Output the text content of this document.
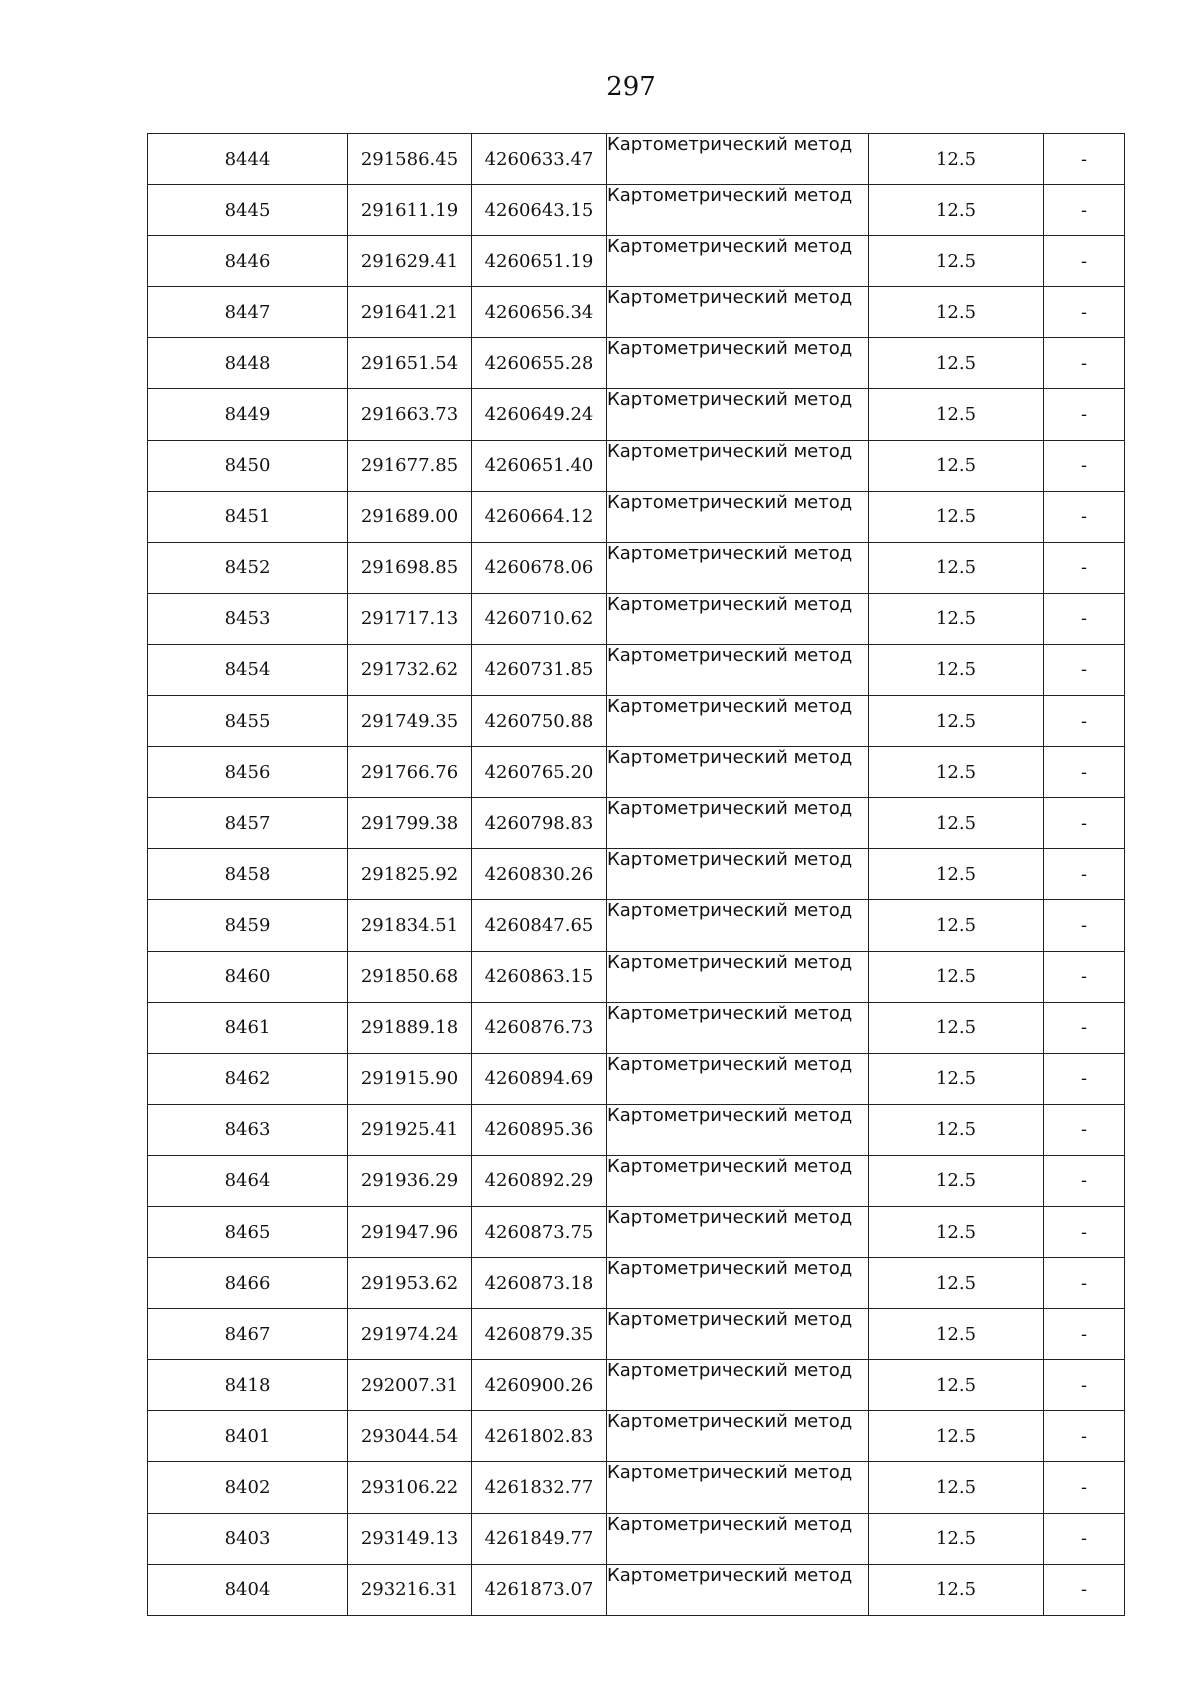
297
8444	291586.45	4260633.47	Картометрический метод	12.5	-
8445	291611.19	4260643.15	Картометрический метод	12.5	-
8446	291629.41	4260651.19	Картометрический метод	12.5	-
8447	291641.21	4260656.34	Картометрический метод	12.5	-
8448	291651.54	4260655.28	Картометрический метод	12.5	-
8449	291663.73	4260649.24	Картометрический метод	12.5	-
8450	291677.85	4260651.40	Картометрический метод	12.5	-
8451	291689.00	4260664.12	Картометрический метод	12.5	-
8452	291698.85	4260678.06	Картометрический метод	12.5	-
8453	291717.13	4260710.62	Картометрический метод	12.5	-
8454	291732.62	4260731.85	Картометрический метод	12.5	-
8455	291749.35	4260750.88	Картометрический метод	12.5	-
8456	291766.76	4260765.20	Картометрический метод	12.5	-
8457	291799.38	4260798.83	Картометрический метод	12.5	-
8458	291825.92	4260830.26	Картометрический метод	12.5	-
8459	291834.51	4260847.65	Картометрический метод	12.5	-
8460	291850.68	4260863.15	Картометрический метод	12.5	-
8461	291889.18	4260876.73	Картометрический метод	12.5	-
8462	291915.90	4260894.69	Картометрический метод	12.5	-
8463	291925.41	4260895.36	Картометрический метод	12.5	-
8464	291936.29	4260892.29	Картометрический метод	12.5	-
8465	291947.96	4260873.75	Картометрический метод	12.5	-
8466	291953.62	4260873.18	Картометрический метод	12.5	-
8467	291974.24	4260879.35	Картометрический метод	12.5	-
8418	292007.31	4260900.26	Картометрический метод	12.5	-
8401	293044.54	4261802.83	Картометрический метод	12.5	-
8402	293106.22	4261832.77	Картометрический метод	12.5	-
8403	293149.13	4261849.77	Картометрический метод	12.5	-
8404	293216.31	4261873.07	Картометрический метод	12.5	-
